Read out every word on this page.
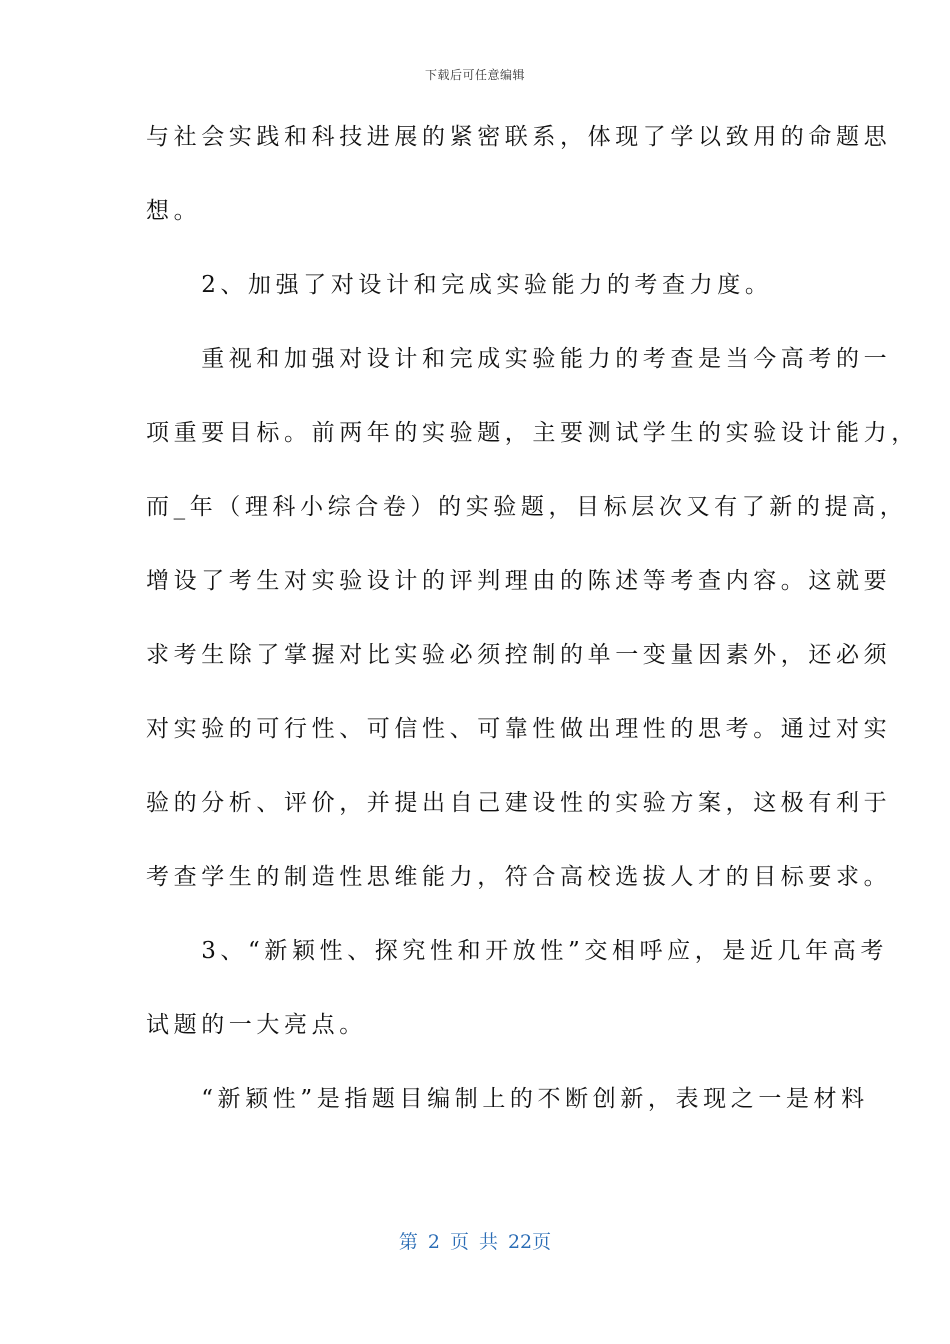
下载后可任意编辑
与社会实践和科技进展的紧密联系，体现了学以致用的命题思
想。
　　2、加强了对设计和完成实验能力的考查力度。
　　重视和加强对设计和完成实验能力的考查是当今高考的一
项重要目标。前两年的实验题，主要测试学生的实验设计能力，
而_年（理科小综合卷）的实验题，目标层次又有了新的提高，
增设了考生对实验设计的评判理由的陈述等考查内容。这就要
求考生除了掌握对比实验必须控制的单一变量因素外，还必须
对实验的可行性、可信性、可靠性做出理性的思考。通过对实
验的分析、评价，并提出自己建设性的实验方案，这极有利于
考查学生的制造性思维能力，符合高校选拔人才的目标要求。
　　3、“新颖性、探究性和开放性”交相呼应，是近几年高考
试题的一大亮点。
　　“新颖性”是指题目编制上的不断创新，表现之一是材料
第 2 页 共 22页
